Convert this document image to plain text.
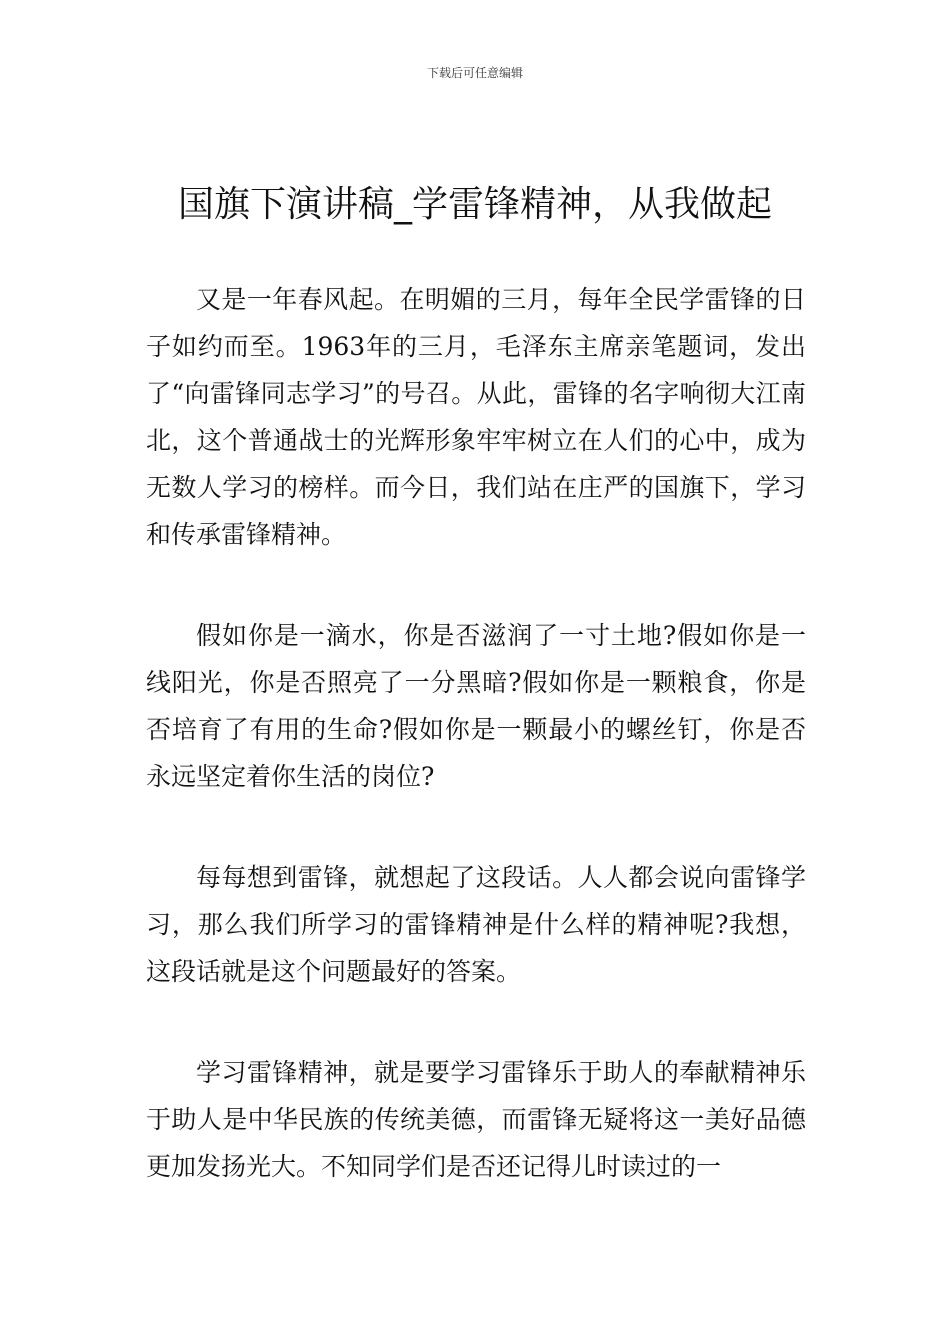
下载后可任意编辑
国旗下演讲稿_学雷锋精神，从我做起

又是一年春风起。在明媚的三月，每年全民学雷锋的日子如约而至。1963年的三月，毛泽东主席亲笔题词，发出了“向雷锋同志学习”的号召。从此，雷锋的名字响彻大江南北，这个普通战士的光辉形象牢牢树立在人们的心中，成为无数人学习的榜样。而今日，我们站在庄严的国旗下，学习和传承雷锋精神。

假如你是一滴水，你是否滋润了一寸土地?假如你是一线阳光，你是否照亮了一分黑暗?假如你是一颗粮食，你是否培育了有用的生命?假如你是一颗最小的螺丝钉，你是否永远坚定着你生活的岗位?

每每想到雷锋，就想起了这段话。人人都会说向雷锋学习，那么我们所学习的雷锋精神是什么样的精神呢?我想，这段话就是这个问题最好的答案。

学习雷锋精神，就是要学习雷锋乐于助人的奉献精神乐于助人是中华民族的传统美德，而雷锋无疑将这一美好品德更加发扬光大。不知同学们是否还记得儿时读过的一
